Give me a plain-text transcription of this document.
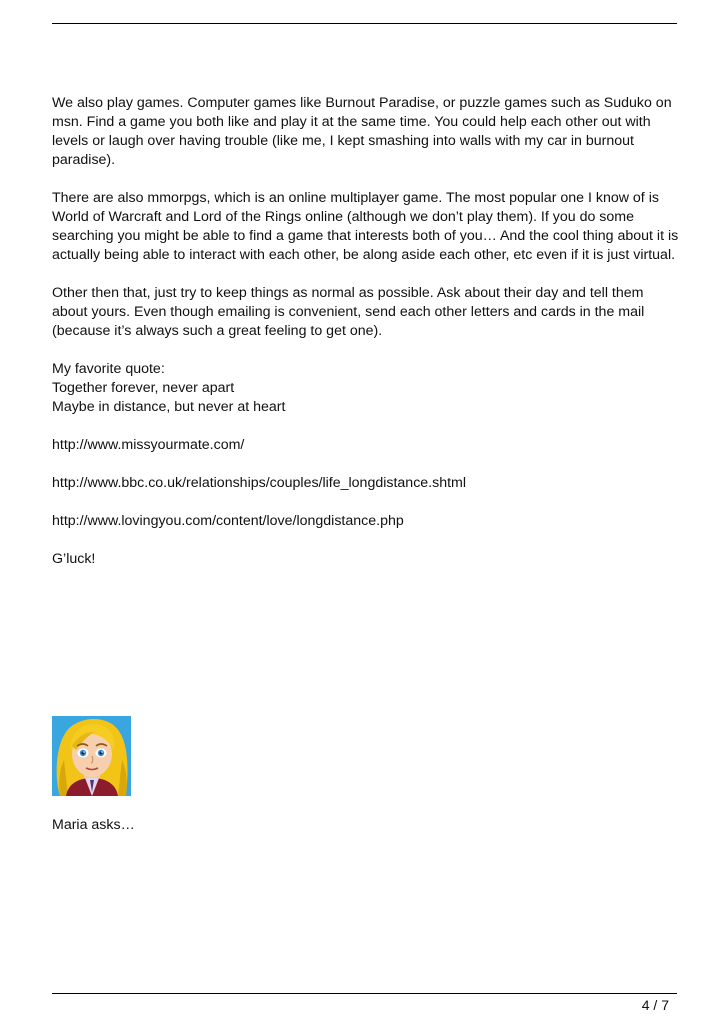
We also play games. Computer games like Burnout Paradise, or puzzle games such as Suduko on msn. Find a game you both like and play it at the same time. You could help each other out with levels or laugh over having trouble (like me, I kept smashing into walls with my car in burnout paradise).

There are also mmorpgs, which is an online multiplayer game. The most popular one I know of is World of Warcraft and Lord of the Rings online (although we don’t play them). If you do some searching you might be able to find a game that interests both of you… And the cool thing about it is actually being able to interact with each other, be along aside each other, etc even if it is just virtual.

Other then that, just try to keep things as normal as possible. Ask about their day and tell them about yours. Even though emailing is convenient, send each other letters and cards in the mail (because it’s always such a great feeling to get one).

My favorite quote:
Together forever, never apart
Maybe in distance, but never at heart

http://www.missyourmate.com/

http://www.bbc.co.uk/relationships/couples/life_longdistance.shtml

http://www.lovingyou.com/content/love/longdistance.php

G’luck!

Maria asks…
4 / 7
